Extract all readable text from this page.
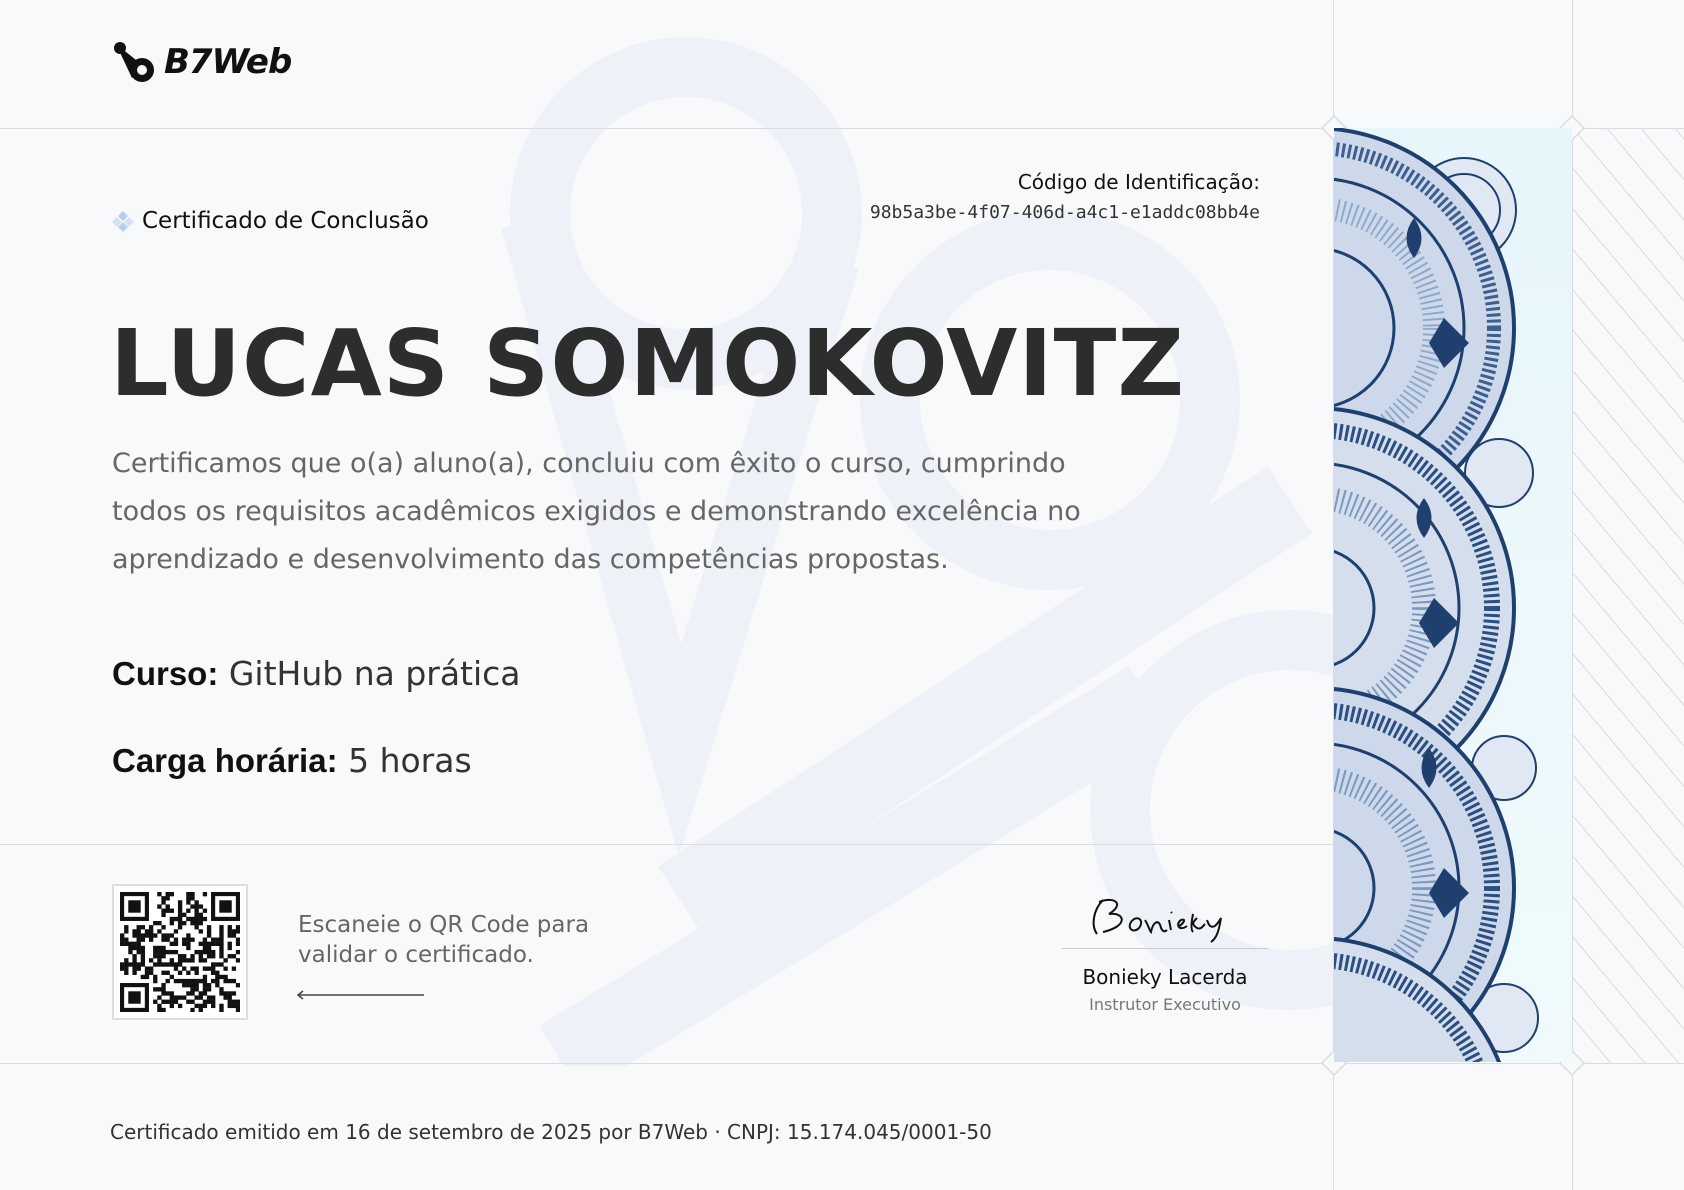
B7Web
Certificado de Conclusão
Código de Identificação:
98b5a3be-4f07-406d-a4c1-e1addc08bb4e
LUCAS SOMOKOVITZ
Certificamos que o(a) aluno(a), concluiu com êxito o curso, cumprindo todos os requisitos acadêmicos exigidos e demonstrando excelência no aprendizado e desenvolvimento das competências propostas.
Curso: GitHub na prática
Carga horária: 5 horas
Escaneie o QR Code para
validar o certificado.
Bonieky Lacerda
Instrutor Executivo
Certificado emitido em 16 de setembro de 2025 por B7Web · CNPJ: 15.174.045/0001-50
